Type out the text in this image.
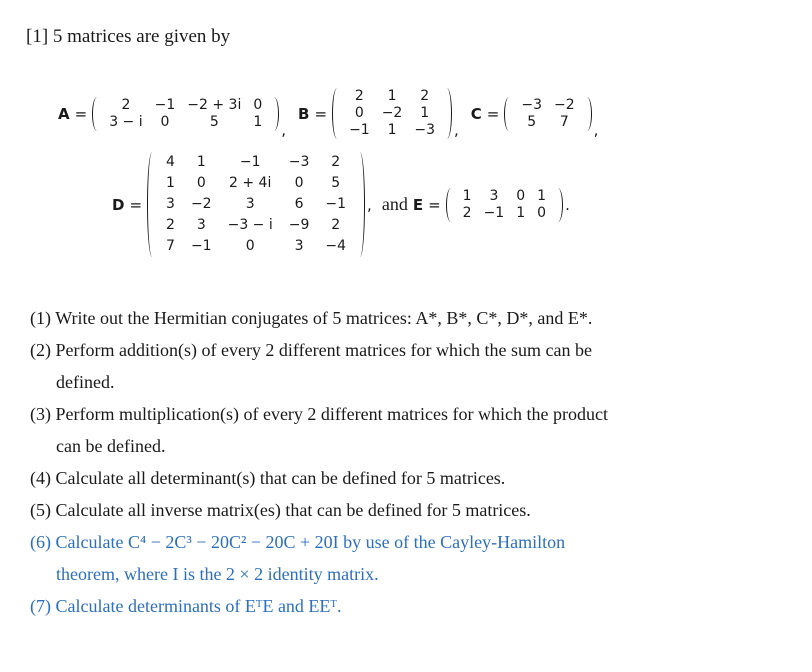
[1] 5 matrices are given by
A = 2	−1	−2 + 3i	0
3 − i	0	5	1 ,
B =
2	1	2
0	−2	1
−1	1	−3 ,
C = −3	−2
5	7 ,
D =
4	1	−1	−3	2
1	0	2 + 4i	0	5
3	−2	3	6	−1
2	3	−3 − i	−9	2
7	−1	0	3	−4
, and E = 1	3	0	1
2	−1	1	0 .
(1) Write out the Hermitian conjugates of 5 matrices: A*, B*, C*, D*, and E*.
(2) Perform addition(s) of every 2 different matrices for which the sum can be
defined.
(3) Perform multiplication(s) of every 2 different matrices for which the product
can be defined.
(4) Calculate all determinant(s) that can be defined for 5 matrices.
(5) Calculate all inverse matrix(es) that can be defined for 5 matrices.
(6) Calculate C⁴ − 2C³ − 20C² − 20C + 20I by use of the Cayley-Hamilton
theorem, where I is the 2 × 2 identity matrix.
(7) Calculate determinants of EᵀE and EEᵀ.
